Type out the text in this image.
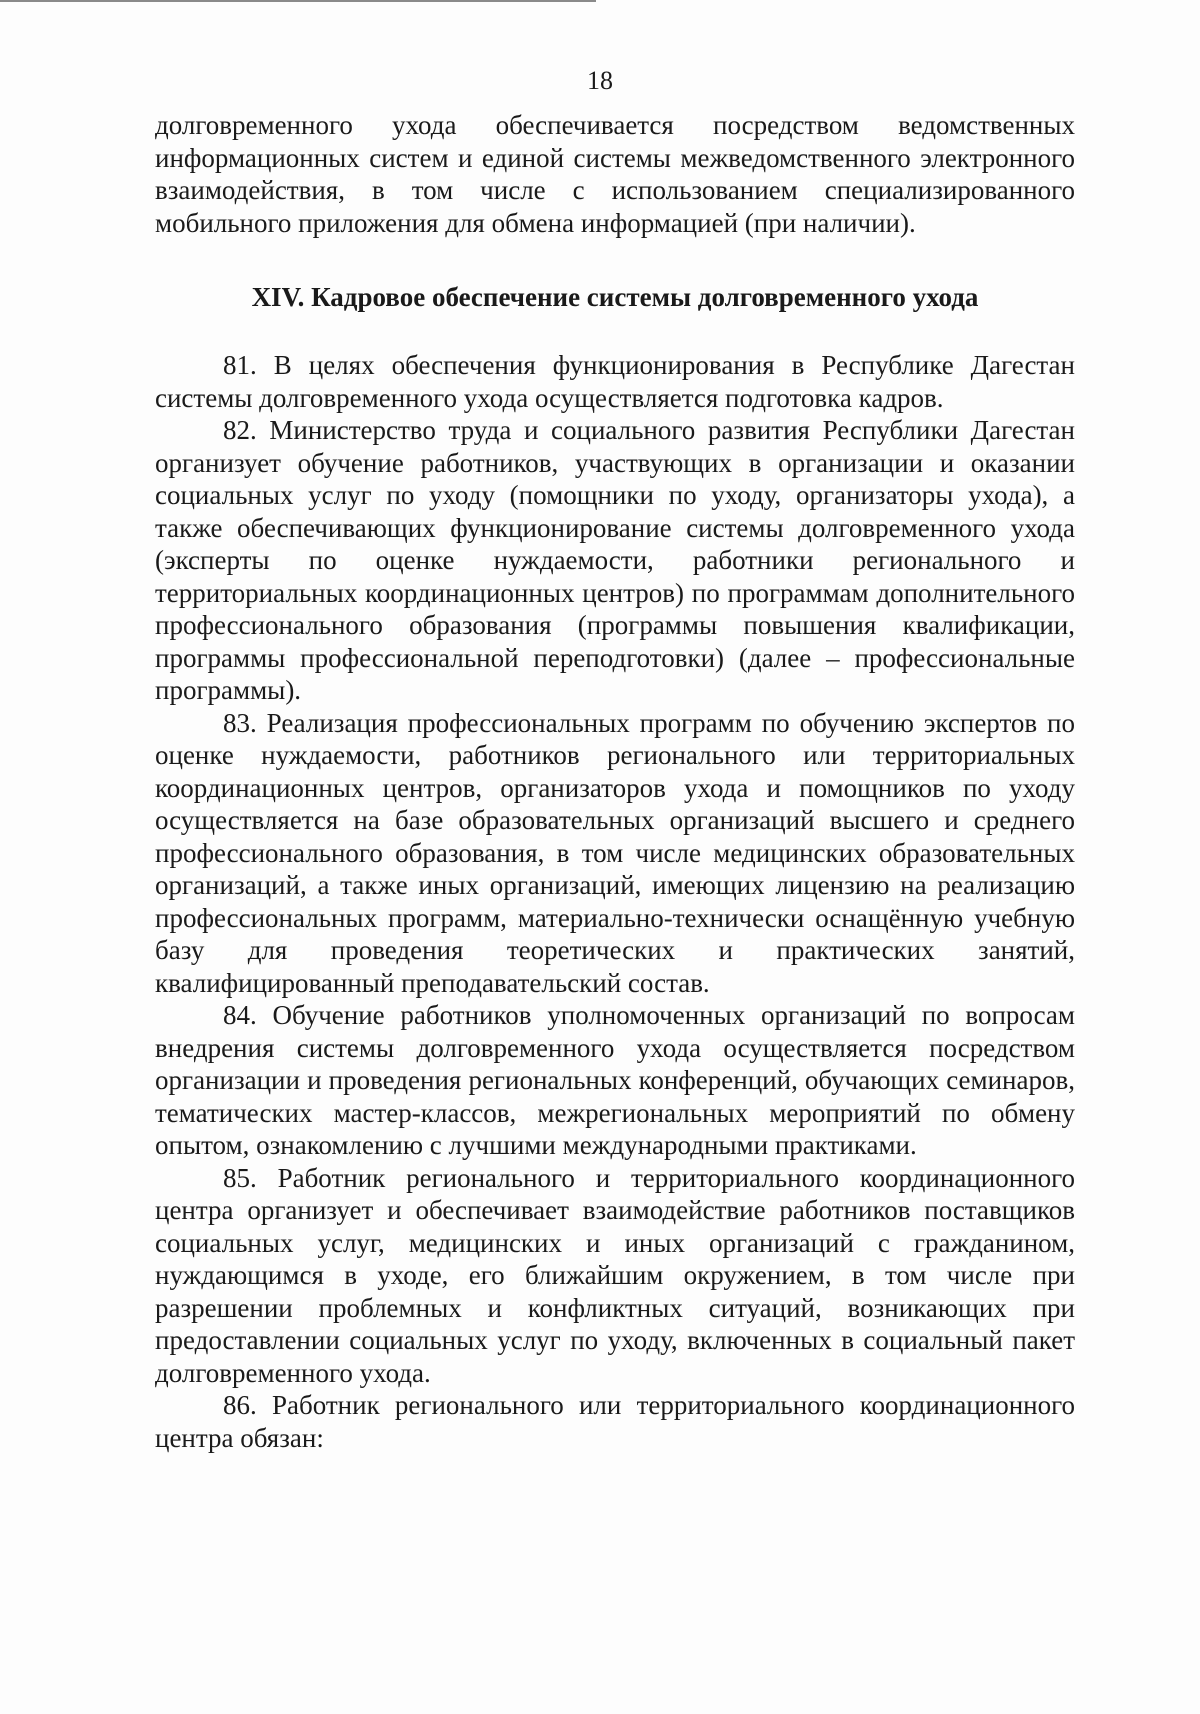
18

долговременного ухода обеспечивается посредством ведомственных информационных систем и единой системы межведомственного электронного взаимодействия, в том числе с использованием специализированного мобильного приложения для обмена информацией (при наличии).

XIV. Кадровое обеспечение системы долговременного ухода

81. В целях обеспечения функционирования в Республике Дагестан системы долговременного ухода осуществляется подготовка кадров.

82. Министерство труда и социального развития Республики Дагестан организует обучение работников, участвующих в организации и оказании социальных услуг по уходу (помощники по уходу, организаторы ухода), а также обеспечивающих функционирование системы долговременного ухода (эксперты по оценке нуждаемости, работники регионального и территориальных координационных центров) по программам дополнительного профессионального образования (программы повышения квалификации, программы профессиональной переподготовки) (далее – профессиональные программы).

83. Реализация профессиональных программ по обучению экспертов по оценке нуждаемости, работников регионального или территориальных координационных центров, организаторов ухода и помощников по уходу осуществляется на базе образовательных организаций высшего и среднего профессионального образования, в том числе медицинских образовательных организаций, а также иных организаций, имеющих лицензию на реализацию профессиональных программ, материально-технически оснащённую учебную базу для проведения теоретических и практических занятий, квалифицированный преподавательский состав.

84. Обучение работников уполномоченных организаций по вопросам внедрения системы долговременного ухода осуществляется посредством организации и проведения региональных конференций, обучающих семинаров, тематических мастер-классов, межрегиональных мероприятий по обмену опытом, ознакомлению с лучшими международными практиками.

85. Работник регионального и территориального координационного центра организует и обеспечивает взаимодействие работников поставщиков социальных услуг, медицинских и иных организаций с гражданином, нуждающимся в уходе, его ближайшим окружением, в том числе при разрешении проблемных и конфликтных ситуаций, возникающих при предоставлении социальных услуг по уходу, включенных в социальный пакет долговременного ухода.

86. Работник регионального или территориального координационного центра обязан:
